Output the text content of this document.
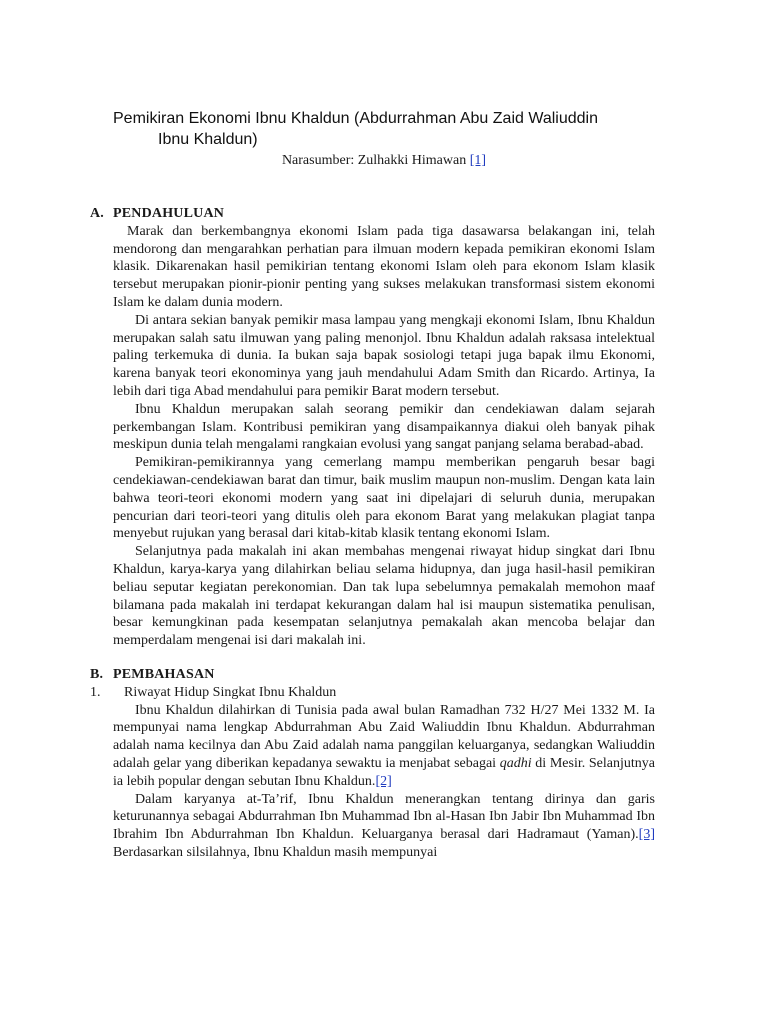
Pemikiran Ekonomi Ibnu Khaldun (Abdurrahman Abu Zaid Waliuddin
Ibnu Khaldun)
Narasumber: Zulhakki Himawan [1]
A. PENDAHULUAN

Marak dan berkembangnya ekonomi Islam pada tiga dasawarsa belakangan ini, telah mendorong dan mengarahkan perhatian para ilmuan modern kepada pemikiran ekonomi Islam klasik. Dikarenakan hasil pemikirian tentang ekonomi Islam oleh para ekonom Islam klasik tersebut merupakan pionir-pionir penting yang sukses melakukan transformasi sistem ekonomi Islam ke dalam dunia modern.

Di antara sekian banyak pemikir masa lampau yang mengkaji ekonomi Islam, Ibnu Khaldun merupakan salah satu ilmuwan yang paling menonjol. Ibnu Khaldun adalah raksasa intelektual paling terkemuka di dunia. Ia bukan saja bapak sosiologi tetapi juga bapak ilmu Ekonomi, karena banyak teori ekonominya yang jauh mendahului Adam Smith dan Ricardo. Artinya, Ia lebih dari tiga Abad mendahului para pemikir Barat modern tersebut.

Ibnu Khaldun merupakan salah seorang pemikir dan cendekiawan dalam sejarah perkembangan Islam. Kontribusi pemikiran yang disampaikannya diakui oleh banyak pihak meskipun dunia telah mengalami rangkaian evolusi yang sangat panjang selama berabad-abad.

Pemikiran-pemikirannya yang cemerlang mampu memberikan pengaruh besar bagi cendekiawan-cendekiawan barat dan timur, baik muslim maupun non-muslim. Dengan kata lain bahwa teori-teori ekonomi modern yang saat ini dipelajari di seluruh dunia, merupakan pencurian dari teori-teori yang ditulis oleh para ekonom Barat yang melakukan plagiat tanpa menyebut rujukan yang berasal dari kitab-kitab klasik tentang ekonomi Islam.

Selanjutnya pada makalah ini akan membahas mengenai riwayat hidup singkat dari Ibnu Khaldun, karya-karya yang dilahirkan beliau selama hidupnya, dan juga hasil-hasil pemikiran beliau seputar kegiatan perekonomian. Dan tak lupa sebelumnya pemakalah memohon maaf bilamana pada makalah ini terdapat kekurangan dalam hal isi maupun sistematika penulisan, besar kemungkinan pada kesempatan selanjutnya pemakalah akan mencoba belajar dan memperdalam mengenai isi dari makalah ini.

B. PEMBAHASAN
1. Riwayat Hidup Singkat Ibnu Khaldun

Ibnu Khaldun dilahirkan di Tunisia pada awal bulan Ramadhan 732 H/27 Mei 1332 M. Ia mempunyai nama lengkap Abdurrahman Abu Zaid Waliuddin Ibnu Khaldun. Abdurrahman adalah nama kecilnya dan Abu Zaid adalah nama panggilan keluarganya, sedangkan Waliuddin adalah gelar yang diberikan kepadanya sewaktu ia menjabat sebagai qadhi di Mesir. Selanjutnya ia lebih popular dengan sebutan Ibnu Khaldun.[2]

Dalam karyanya at-Ta’rif, Ibnu Khaldun menerangkan tentang dirinya dan garis keturunannya sebagai Abdurrahman Ibn Muhammad Ibn al-Hasan Ibn Jabir Ibn Muhammad Ibn Ibrahim Ibn Abdurrahman Ibn Khaldun. Keluarganya berasal dari Hadramaut (Yaman).[3] Berdasarkan silsilahnya, Ibnu Khaldun masih mempunyai
